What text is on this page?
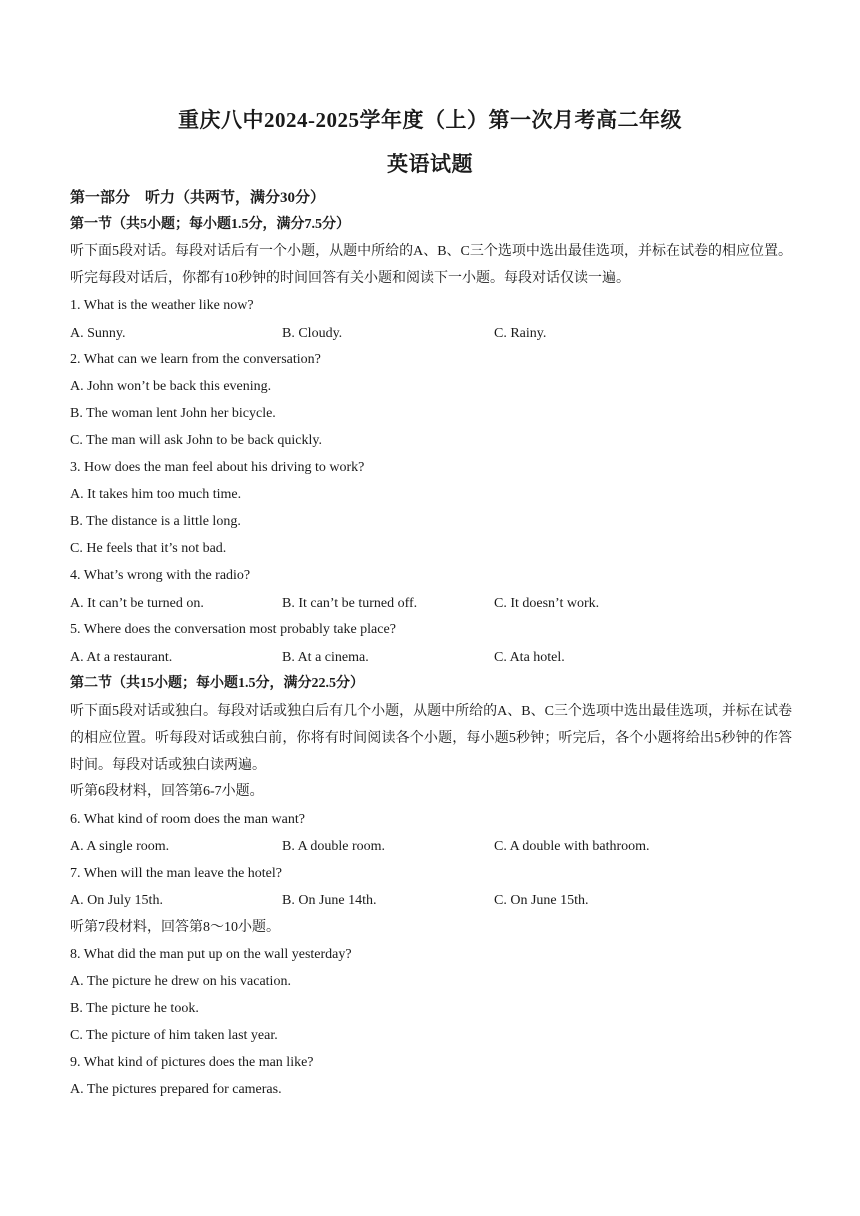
重庆八中2024-2025学年度（上）第一次月考高二年级
英语试题
第一部分　听力（共两节，满分30分）
第一节（共5小题；每小题1.5分，满分7.5分）
听下面5段对话。每段对话后有一个小题，从题中所给的A、B、C三个选项中选出最佳选项，并标在试卷的相应位置。听完每段对话后，你都有10秒钟的时间回答有关小题和阅读下一小题。每段对话仅读一遍。
1. What is the weather like now?
A. Sunny.	B. Cloudy.	C. Rainy.
2. What can we learn from the conversation?
A. John won’t be back this evening.
B. The woman lent John her bicycle.
C. The man will ask John to be back quickly.
3. How does the man feel about his driving to work?
A. It takes him too much time.
B. The distance is a little long.
C. He feels that it’s not bad.
4. What’s wrong with the radio?
A. It can’t be turned on.	B. It can’t be turned off.	C. It doesn’t work.
5. Where does the conversation most probably take place?
A. At a restaurant.	B. At a cinema.	C. Ata hotel.
第二节（共15小题；每小题1.5分，满分22.5分）
听下面5段对话或独白。每段对话或独白后有几个小题，从题中所给的A、B、C三个选项中选出最佳选项，并标在试卷的相应位置。听每段对话或独白前，你将有时间阅读各个小题，每小题5秒钟；听完后，各个小题将给出5秒钟的作答时间。每段对话或独白读两遍。
听第6段材料，回答第6-7小题。
6. What kind of room does the man want?
A. A single room.	B. A double room.	C. A double with bathroom.
7. When will the man leave the hotel?
A. On July 15th.	B. On June 14th.	C. On June 15th.
听第7段材料，回答第8～10小题。
8. What did the man put up on the wall yesterday?
A. The picture he drew on his vacation.
B. The picture he took.
C. The picture of him taken last year.
9. What kind of pictures does the man like?
A. The pictures prepared for cameras.
